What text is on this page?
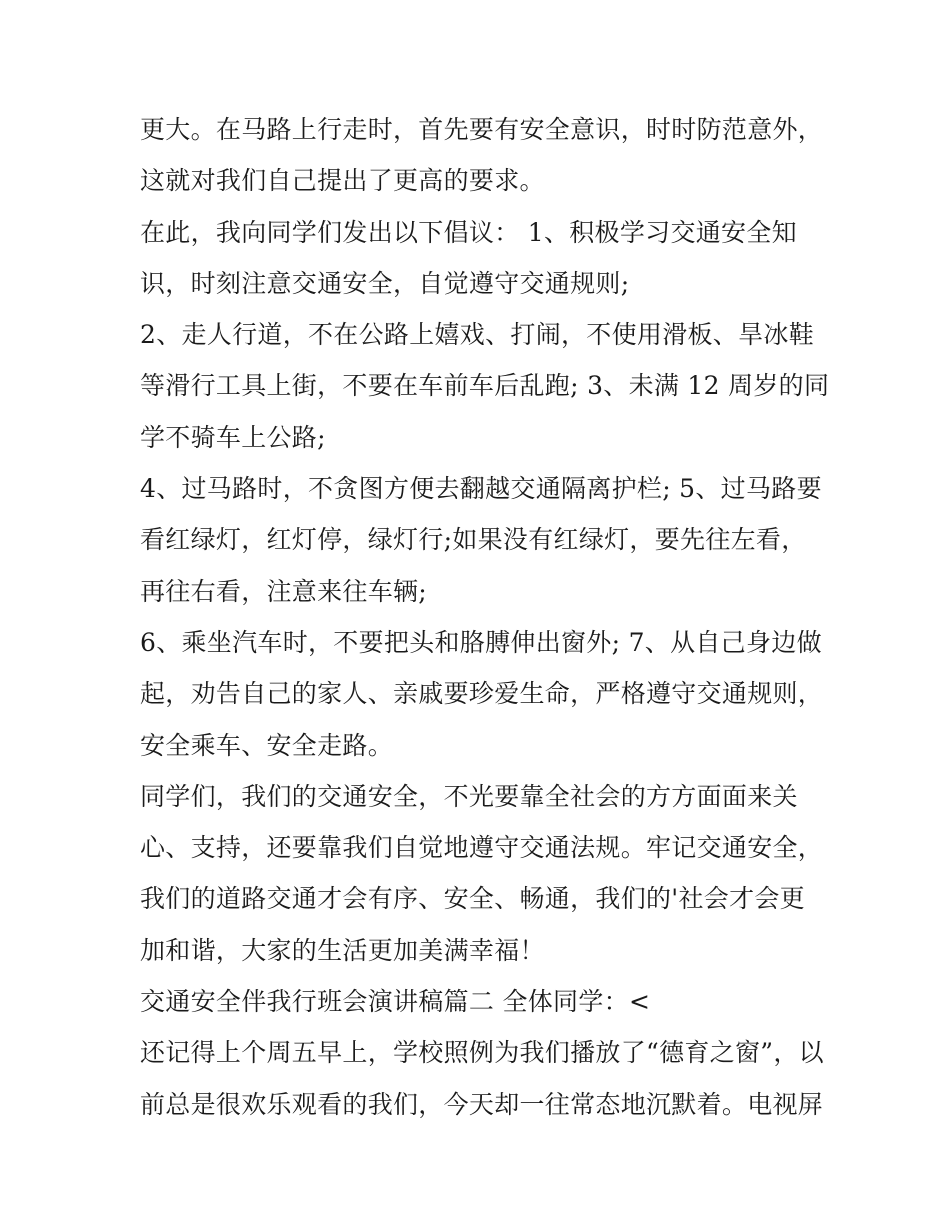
更大。在马路上行走时，首先要有安全意识，时时防范意外，
这就对我们自己提出了更高的要求。
在此，我向同学们发出以下倡议： 1、积极学习交通安全知
识，时刻注意交通安全，自觉遵守交通规则;
2、走人行道，不在公路上嬉戏、打闹，不使用滑板、旱冰鞋
等滑行工具上街，不要在车前车后乱跑; 3、未满 12 周岁的同
学不骑车上公路;
4、过马路时，不贪图方便去翻越交通隔离护栏; 5、过马路要
看红绿灯，红灯停，绿灯行;如果没有红绿灯，要先往左看，
再往右看，注意来往车辆;
6、乘坐汽车时，不要把头和胳膊伸出窗外; 7、从自己身边做
起，劝告自己的家人、亲戚要珍爱生命，严格遵守交通规则，
安全乘车、安全走路。
同学们，我们的交通安全，不光要靠全社会的方方面面来关
心、支持，还要靠我们自觉地遵守交通法规。牢记交通安全，
我们的道路交通才会有序、安全、畅通，我们的'社会才会更
加和谐，大家的生活更加美满幸福！
交通安全伴我行班会演讲稿篇二 全体同学：<
还记得上个周五早上，学校照例为我们播放了“德育之窗”，以
前总是很欢乐观看的我们，今天却一往常态地沉默着。电视屏
